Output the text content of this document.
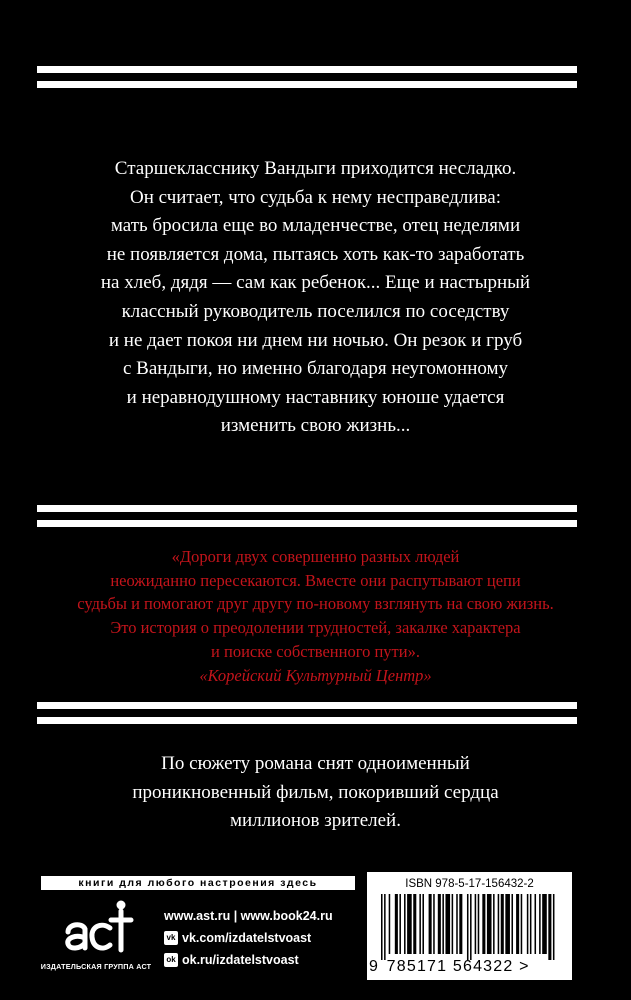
Старшекласснику Вандыги приходится несладко.
Он считает, что судьба к нему несправедлива:
мать бросила еще во младенчестве, отец неделями
не появляется дома, пытаясь хоть как-то заработать
на хлеб, дядя — сам как ребенок... Еще и настырный
классный руководитель поселился по соседству
и не дает покоя ни днем ни ночью. Он резок и груб
с Вандыги, но именно благодаря неугомонному
и неравнодушному наставнику юноше удается
изменить свою жизнь...
«Дороги двух совершенно разных людей
неожиданно пересекаются. Вместе они распутывают цепи
судьбы и помогают друг другу по-новому взглянуть на свою жизнь.
Это история о преодолении трудностей, закалке характера
и поиске собственного пути».
«Корейский Культурный Центр»
По сюжету романа снят одноименный
проникновенный фильм, покоривший сердца
миллионов зрителей.
книги для любого настроения здесь
ИЗДАТЕЛЬСКАЯ ГРУППА АСТ
www.ast.ru | www.book24.ru
vk vk.com/izdatelstvoast
ok ok.ru/izdatelstvoast
ISBN 978-5-17-156432-2
9 785171 564322 >
